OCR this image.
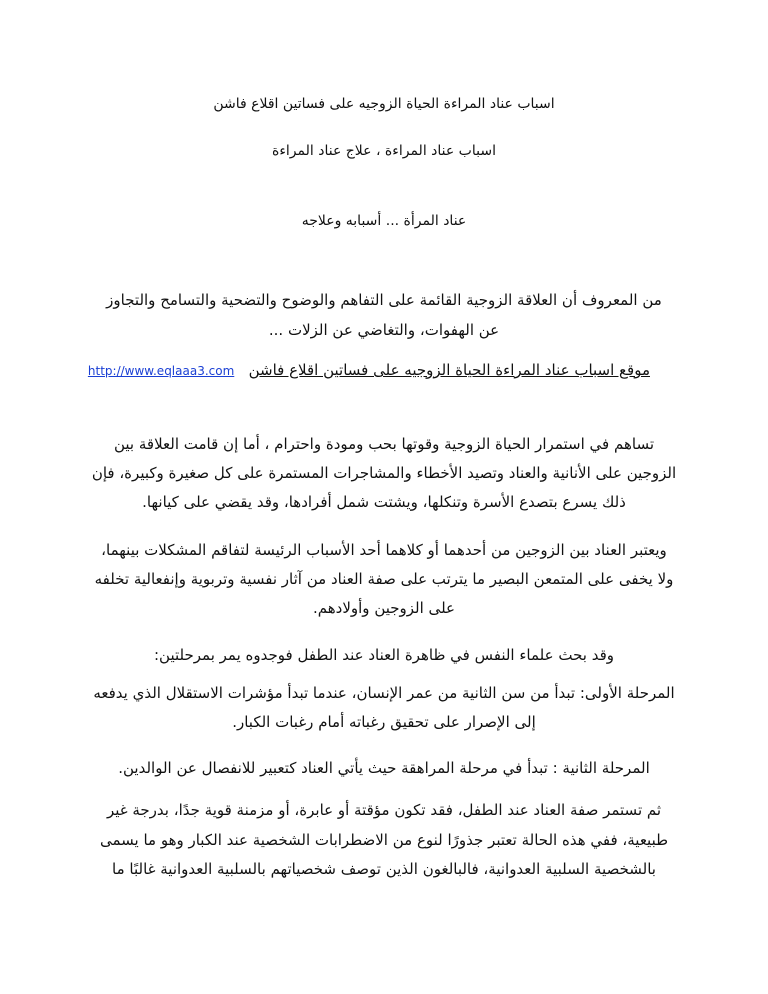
اسباب عناد المراءة الحياة الزوجيه على فساتين اقلاع فاشن
اسباب عناد المراءة ، علاج عناد المراءة
عناد المرأة ... أسبابه وعلاجه
من المعروف أن العلاقة الزوجية القائمة على التفاهم والوضوح والتضحية والتسامح والتجاوز
عن الهفوات، والتغاضي عن الزلات ...
موقع اسباب عناد المراءة الحياة الزوجيه على فساتين اقلاع فاشن   http://www.eqlaaa3.com
تساهم في استمرار الحياة الزوجية وقوتها بحب ومودة واحترام ، أما إن قامت العلاقة بين
الزوجين على الأنانية والعناد وتصيد الأخطاء والمشاجرات المستمرة على كل صغيرة وكبيرة، فإن
ذلك يسرع بتصدع الأسرة وتنكلها، ويشتت شمل أفرادها، وقد يقضي على كيانها.
ويعتبر العناد بين الزوجين من أحدهما أو كلاهما أحد الأسباب الرئيسة لتفاقم المشكلات بينهما،
ولا يخفى على المتمعن البصير ما يترتب على صفة العناد من آثار نفسية وتربوية وإنفعالية تخلفه
على الزوجين وأولادهم.
وقد بحث علماء النفس في ظاهرة العناد عند الطفل فوجدوه يمر بمرحلتين:
المرحلة الأولى: تبدأ من سن الثانية من عمر الإنسان، عندما تبدأ مؤشرات الاستقلال الذي يدفعه
إلى الإصرار على تحقيق رغباته أمام رغبات الكبار.
المرحلة الثانية : تبدأ في مرحلة المراهقة حيث يأتي العناد كتعبير للانفصال عن الوالدين.
ثم تستمر صفة العناد عند الطفل، فقد تكون مؤقتة أو عابرة، أو مزمنة قوية جدًا، بدرجة غير
طبيعية، ففي هذه الحالة تعتبر جذورًا لنوع من الاضطرابات الشخصية عند الكبار وهو ما يسمى
بالشخصية السلبية العدوانية، فالبالغون الذين توصف شخصياتهم بالسلبية العدوانية غالبًا ما
